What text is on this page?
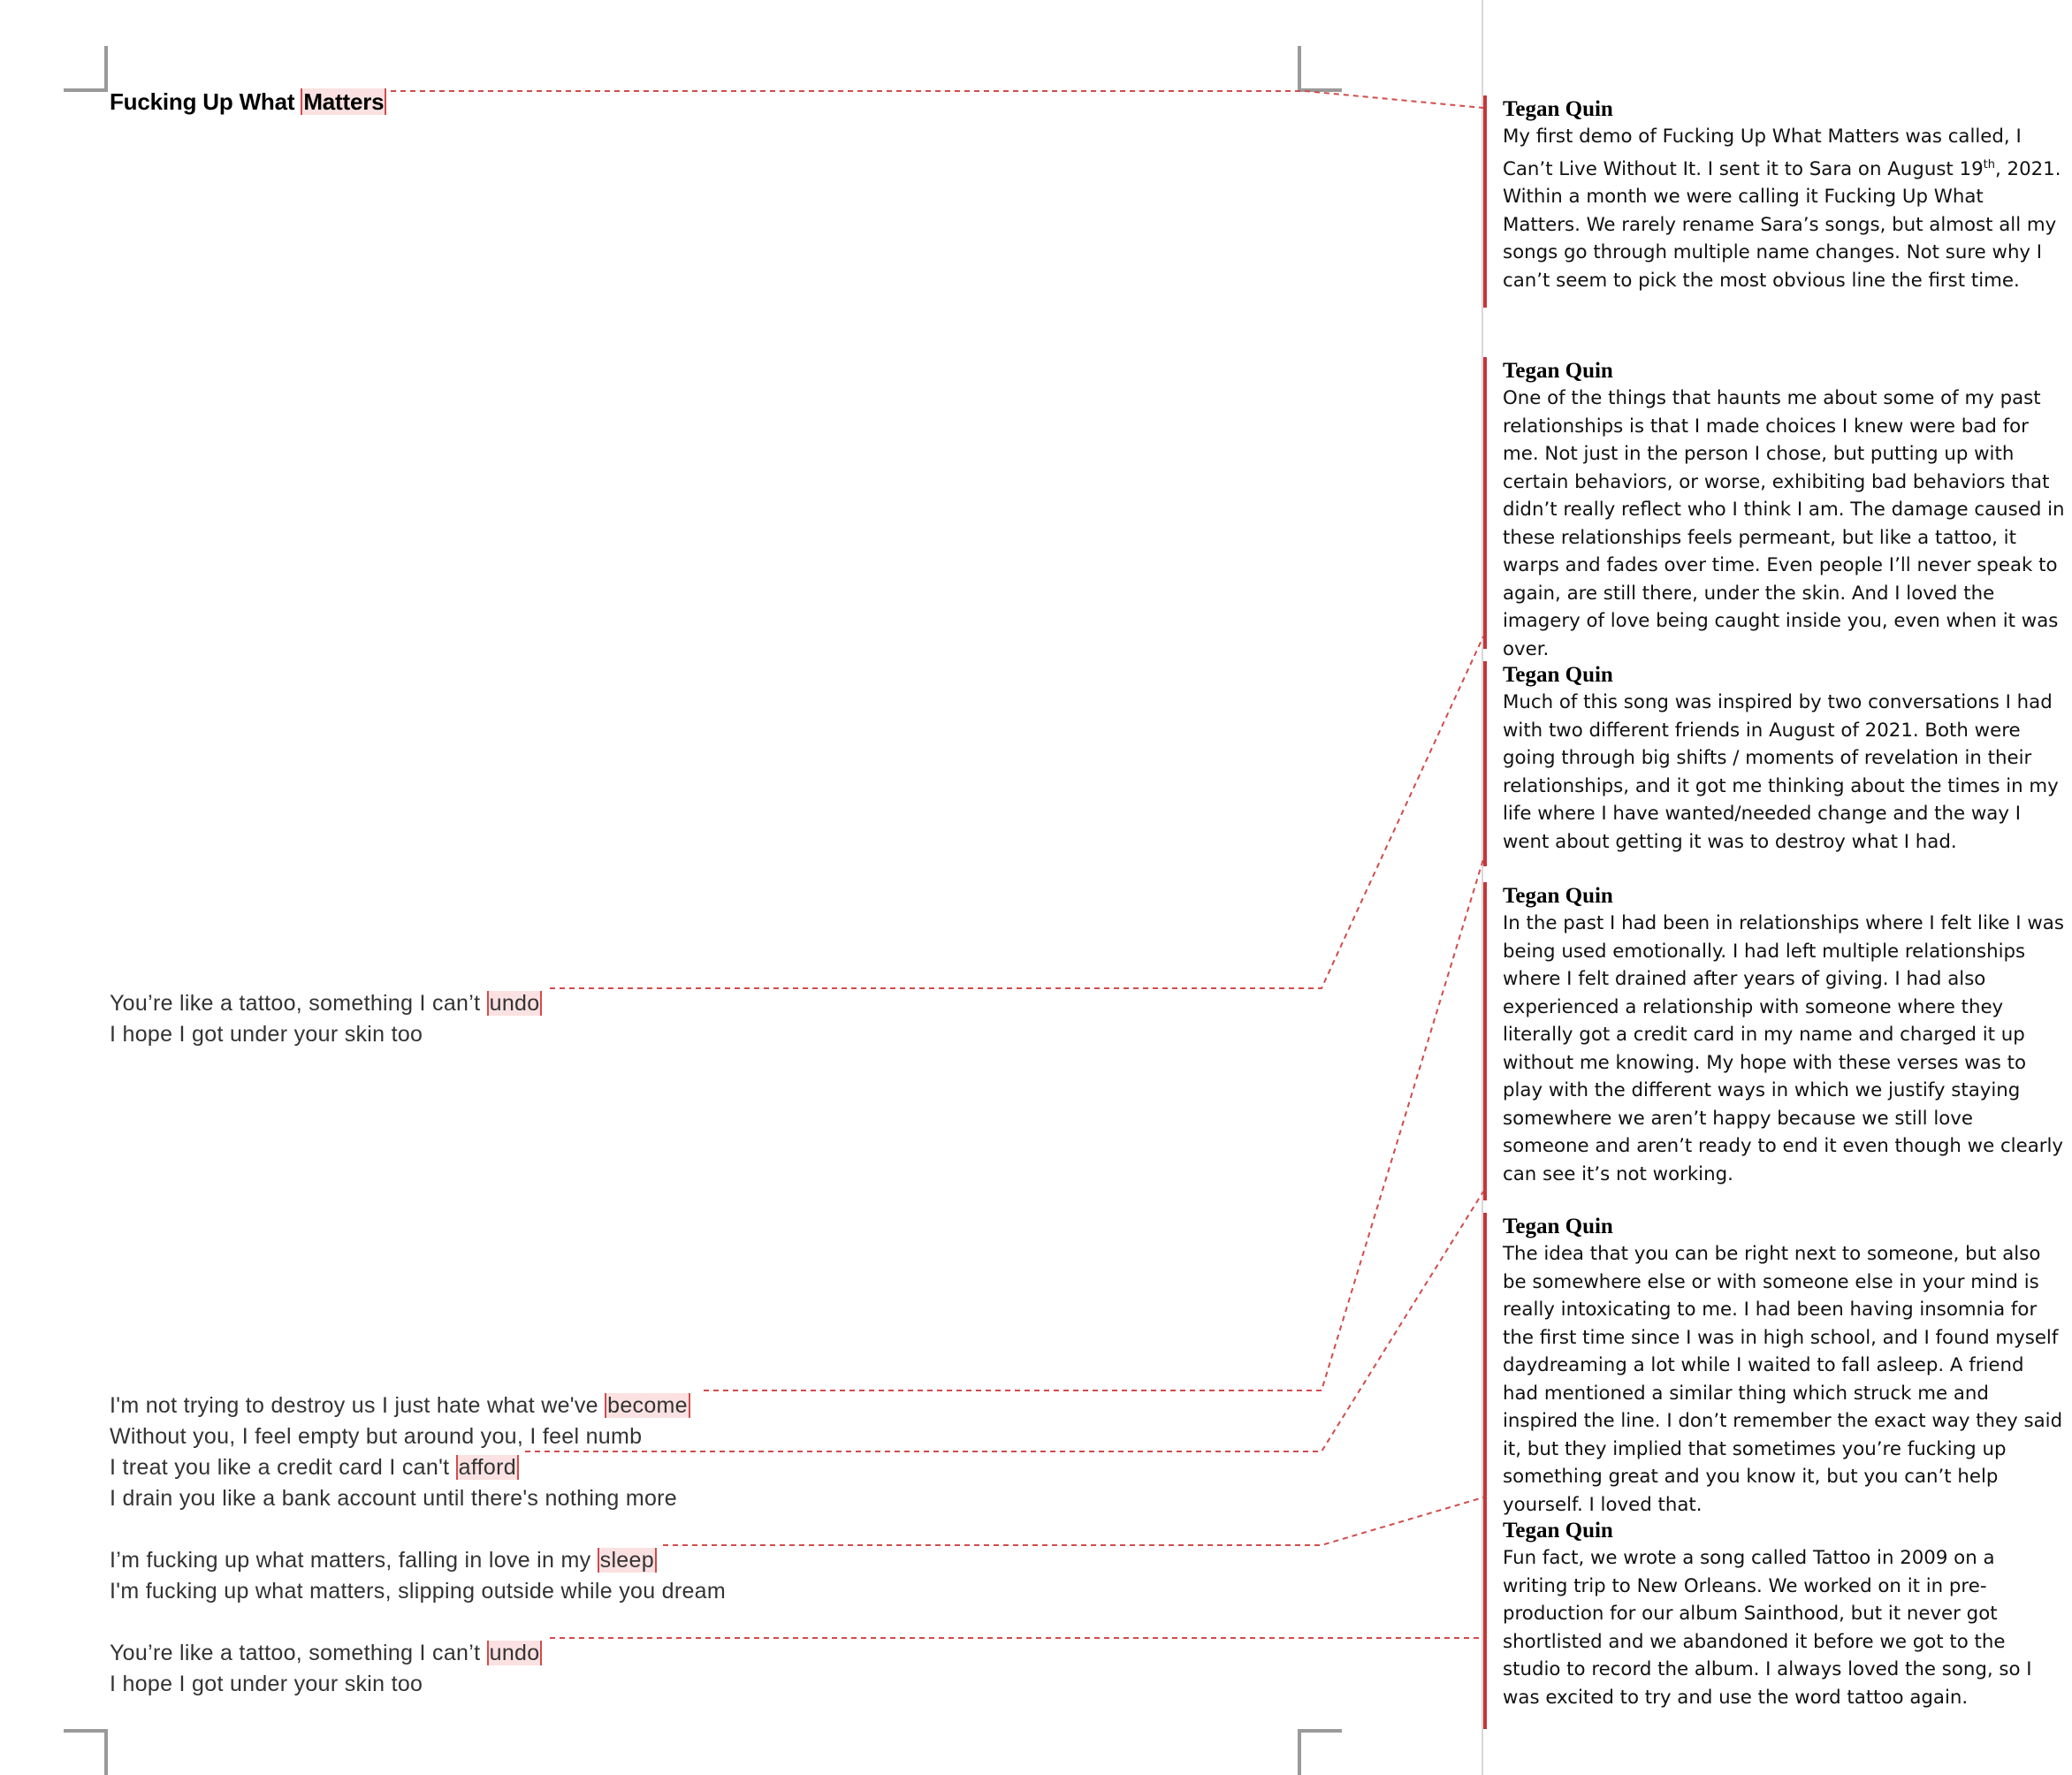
Fucking Up What Matters
You’re like a tattoo, something I can’t undo
I hope I got under your skin too
I'm not trying to destroy us I just hate what we've become
Without you, I feel empty but around you, I feel numb
I treat you like a credit card I can't afford
I drain you like a bank account until there's nothing more
I’m fucking up what matters, falling in love in my sleep
I'm fucking up what matters, slipping outside while you dream
You’re like a tattoo, something I can’t undo
I hope I got under your skin too

Tegan Quin

My first demo of Fucking Up What Matters was called, I Can’t Live Without It. I sent it to Sara on August 19th, 2021. Within a month we were calling it Fucking Up What Matters. We rarely rename Sara’s songs, but almost all my songs go through multiple name changes. Not sure why I can’t seem to pick the most obvious line the first time.

Tegan Quin

One of the things that haunts me about some of my past relationships is that I made choices I knew were bad for me. Not just in the person I chose, but putting up with certain behaviors, or worse, exhibiting bad behaviors that didn’t really reflect who I think I am. The damage caused in these relationships feels permeant, but like a tattoo, it warps and fades over time. Even people I’ll never speak to again, are still there, under the skin. And I loved the imagery of love being caught inside you, even when it was over.

Tegan Quin

Much of this song was inspired by two conversations I had with two different friends in August of 2021. Both were going through big shifts / moments of revelation in their relationships, and it got me thinking about the times in my life where I have wanted/needed change and the way I went about getting it was to destroy what I had.

Tegan Quin

In the past I had been in relationships where I felt like I was being used emotionally. I had left multiple relationships where I felt drained after years of giving. I had also experienced a relationship with someone where they literally got a credit card in my name and charged it up without me knowing. My hope with these verses was to play with the different ways in which we justify staying somewhere we aren’t happy because we still love someone and aren’t ready to end it even though we clearly can see it’s not working.

Tegan Quin

The idea that you can be right next to someone, but also be somewhere else or with someone else in your mind is really intoxicating to me. I had been having insomnia for the first time since I was in high school, and I found myself daydreaming a lot while I waited to fall asleep. A friend had mentioned a similar thing which struck me and inspired the line. I don’t remember the exact way they said it, but they implied that sometimes you’re fucking up something great and you know it, but you can’t help yourself. I loved that.

Tegan Quin

Fun fact, we wrote a song called Tattoo in 2009 on a writing trip to New Orleans. We worked on it in pre-production for our album Sainthood, but it never got shortlisted and we abandoned it before we got to the studio to record the album. I always loved the song, so I was excited to try and use the word tattoo again.
